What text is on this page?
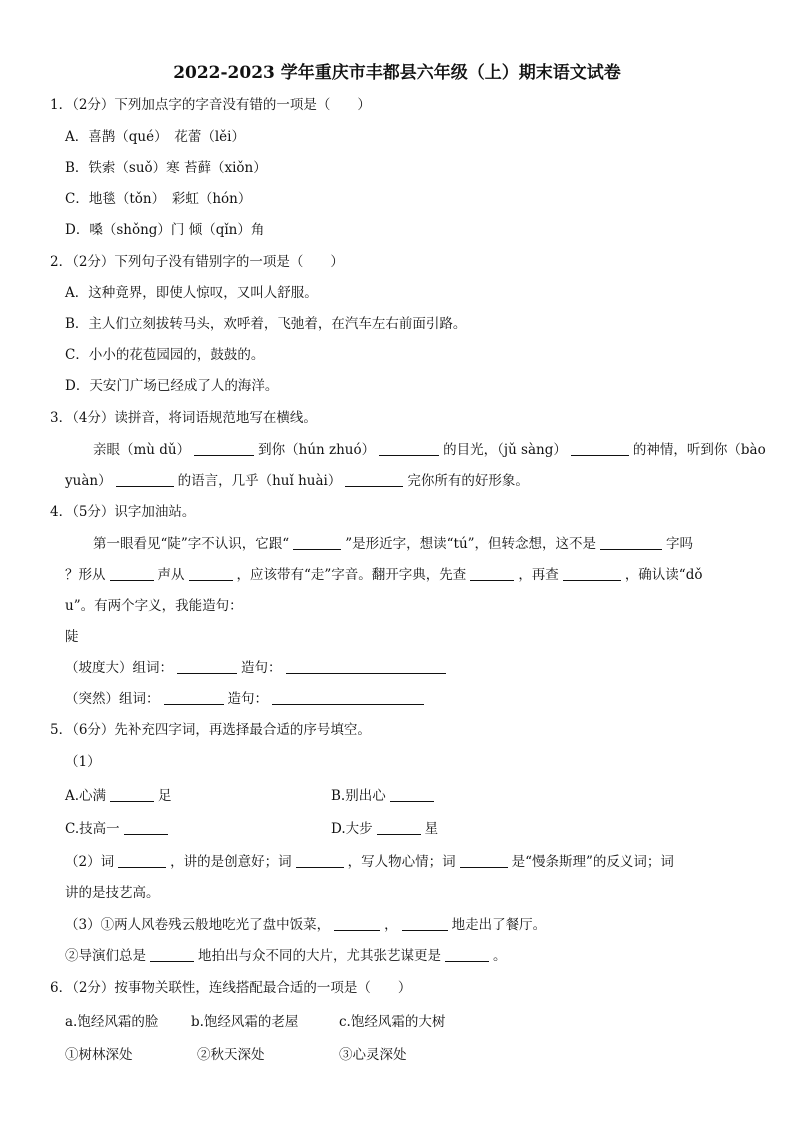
2022-2023 学年重庆市丰都县六年级（上）期末语文试卷
1．（2分）下列加点字的字音没有错的一项是（　　）
A．喜鹊（qué）　花蕾（lěi）
B．铁索（suǒ）寒 苔藓（xiǒn）
C．地毯（tǒn）　彩虹（hón）
D．嗓（shǒng）门 倾（qǐn）角
2．（2分）下列句子没有错别字的一项是（　　）
A．这种竟界，即使人惊叹，又叫人舒服。
B．主人们立刻拔转马头，欢呼着，飞弛着，在汽车左右前面引路。
C．小小的花苞园园的，鼓鼓的。
D．天安门广场已经成了人的海洋。
3．（4分）读拼音，将词语规范地写在横线。
亲眼（mù dǔ）	到你（hún zhuó）	的目光，（jǔ sàng）	的神情，听到你（bào
yuàn）	的语言，几乎（huǐ huài）	完你所有的好形象。
4．（5分）识字加油站。
第一眼看见“陡”字不认识，它跟“	”是形近字，想读“tú”，但转念想，这不是	字吗
？形从	声从	，应该带有“走”字音。翻开字典，先查	，再查	，确认读“dǒ
u”。有两个字义，我能造句：
陡
（坡度大）组词：	造句：
（突然）组词：	造句：
5．（6分）先补充四字词，再选择最合适的序号填空。
（1）
A.心满	足	B.别出心
C.技高一	D.大步	星
（2）词	，讲的是创意好；词	，写人物心情；词	是“慢条斯理”的反义词；词
讲的是技艺高。
（3）①两人风卷残云般地吃光了盘中饭菜，	，	地走出了餐厅。
②导演们总是	地拍出与众不同的大片，尤其张艺谋更是	。
6．（2分）按事物关联性，连线搭配最合适的一项是（　　）
a.饱经风霜的脸 b.饱经风霜的老屋	c.饱经风霜的大树
①树林深处	②秋天深处	③心灵深处
